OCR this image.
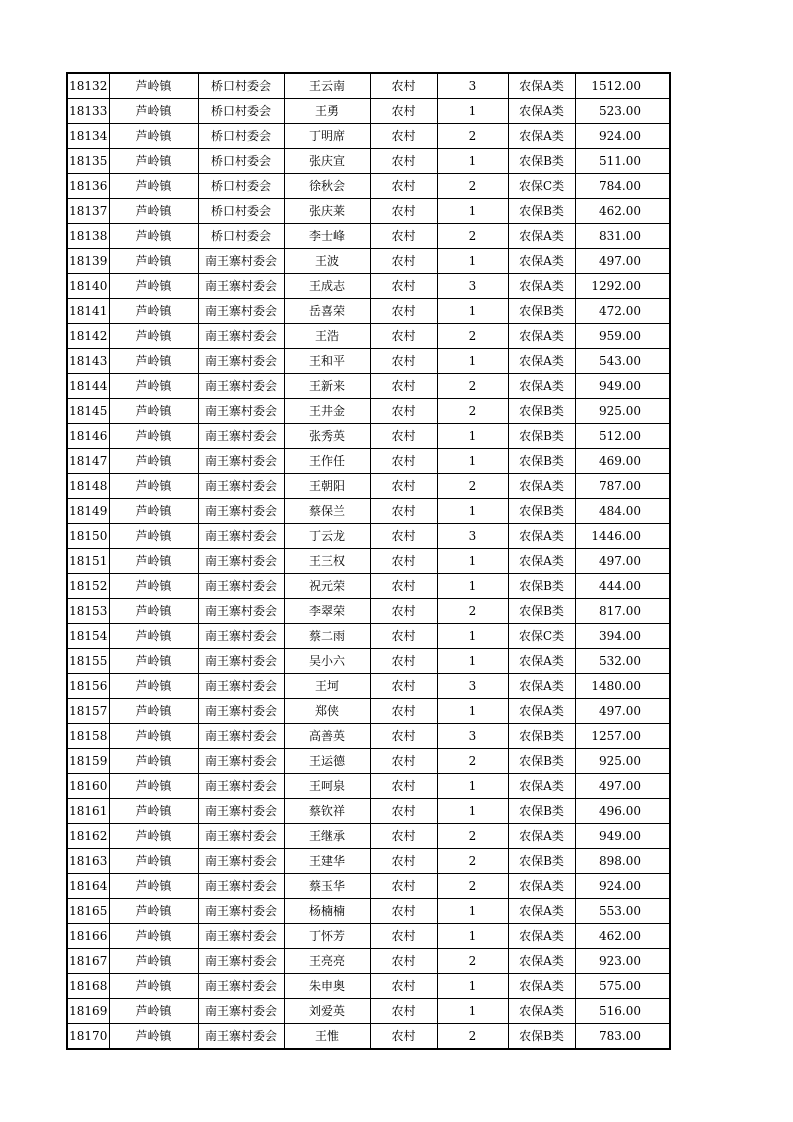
18132	芦岭镇	桥口村委会	王云南	农村	3	农保A类	1512.00
18133	芦岭镇	桥口村委会	王勇	农村	1	农保A类	523.00
18134	芦岭镇	桥口村委会	丁明席	农村	2	农保A类	924.00
18135	芦岭镇	桥口村委会	张庆宣	农村	1	农保B类	511.00
18136	芦岭镇	桥口村委会	徐秋会	农村	2	农保C类	784.00
18137	芦岭镇	桥口村委会	张庆莱	农村	1	农保B类	462.00
18138	芦岭镇	桥口村委会	李士峰	农村	2	农保A类	831.00
18139	芦岭镇	南王寨村委会	王波	农村	1	农保A类	497.00
18140	芦岭镇	南王寨村委会	王成志	农村	3	农保A类	1292.00
18141	芦岭镇	南王寨村委会	岳喜荣	农村	1	农保B类	472.00
18142	芦岭镇	南王寨村委会	王浩	农村	2	农保A类	959.00
18143	芦岭镇	南王寨村委会	王和平	农村	1	农保A类	543.00
18144	芦岭镇	南王寨村委会	王新来	农村	2	农保A类	949.00
18145	芦岭镇	南王寨村委会	王井金	农村	2	农保B类	925.00
18146	芦岭镇	南王寨村委会	张秀英	农村	1	农保B类	512.00
18147	芦岭镇	南王寨村委会	王作任	农村	1	农保B类	469.00
18148	芦岭镇	南王寨村委会	王朝阳	农村	2	农保A类	787.00
18149	芦岭镇	南王寨村委会	蔡保兰	农村	1	农保B类	484.00
18150	芦岭镇	南王寨村委会	丁云龙	农村	3	农保A类	1446.00
18151	芦岭镇	南王寨村委会	王三权	农村	1	农保A类	497.00
18152	芦岭镇	南王寨村委会	祝元荣	农村	1	农保B类	444.00
18153	芦岭镇	南王寨村委会	李翠荣	农村	2	农保B类	817.00
18154	芦岭镇	南王寨村委会	蔡二雨	农村	1	农保C类	394.00
18155	芦岭镇	南王寨村委会	吴小六	农村	1	农保A类	532.00
18156	芦岭镇	南王寨村委会	王坷	农村	3	农保A类	1480.00
18157	芦岭镇	南王寨村委会	郑侠	农村	1	农保A类	497.00
18158	芦岭镇	南王寨村委会	高善英	农村	3	农保B类	1257.00
18159	芦岭镇	南王寨村委会	王运德	农村	2	农保B类	925.00
18160	芦岭镇	南王寨村委会	王呵泉	农村	1	农保A类	497.00
18161	芦岭镇	南王寨村委会	蔡钦祥	农村	1	农保B类	496.00
18162	芦岭镇	南王寨村委会	王继承	农村	2	农保A类	949.00
18163	芦岭镇	南王寨村委会	王建华	农村	2	农保B类	898.00
18164	芦岭镇	南王寨村委会	蔡玉华	农村	2	农保A类	924.00
18165	芦岭镇	南王寨村委会	杨楠楠	农村	1	农保A类	553.00
18166	芦岭镇	南王寨村委会	丁怀芳	农村	1	农保A类	462.00
18167	芦岭镇	南王寨村委会	王亮亮	农村	2	农保A类	923.00
18168	芦岭镇	南王寨村委会	朱申奥	农村	1	农保A类	575.00
18169	芦岭镇	南王寨村委会	刘爱英	农村	1	农保A类	516.00
18170	芦岭镇	南王寨村委会	王惟	农村	2	农保B类	783.00
